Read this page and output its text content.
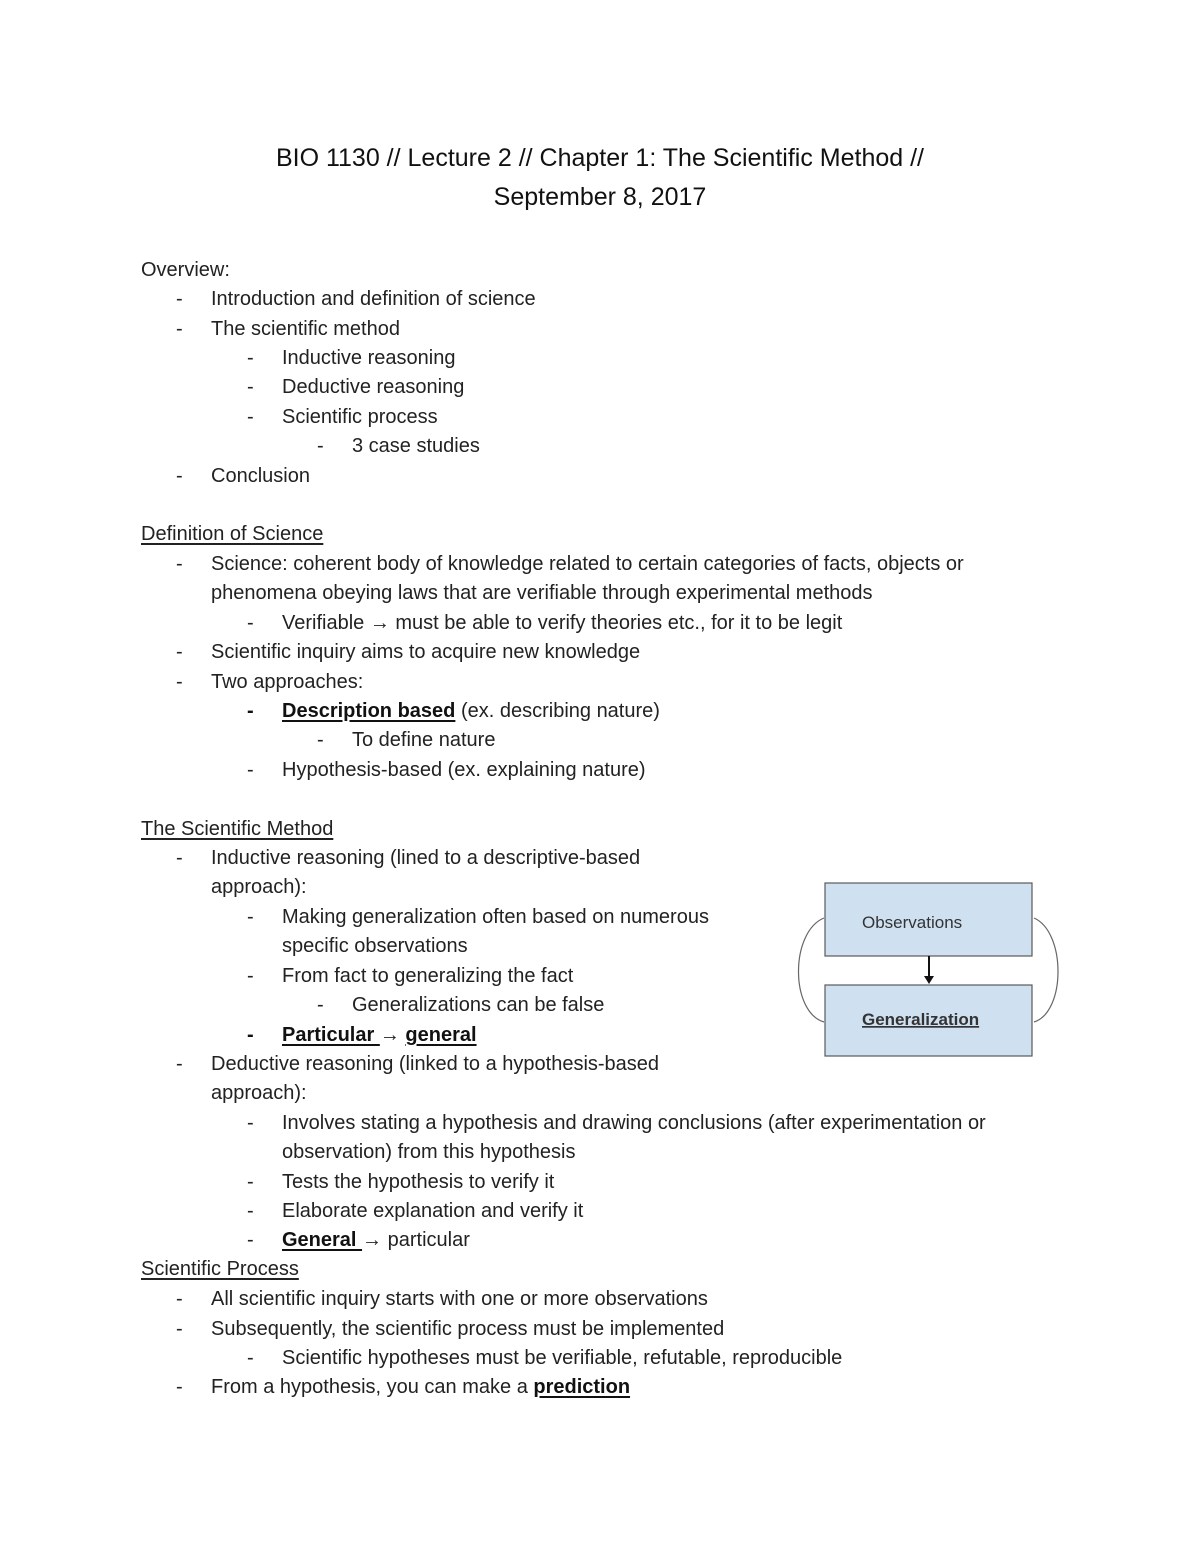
BIO 1130 // Lecture 2 // Chapter 1: The Scientific Method //
September 8, 2017
Overview:
- Introduction and definition of science
- The scientific method
- Inductive reasoning
- Deductive reasoning
- Scientific process
- 3 case studies
- Conclusion
Definition of Science
- Science: coherent body of knowledge related to certain categories of facts, objects or
phenomena obeying laws that are verifiable through experimental methods
- Verifiable → must be able to verify theories etc., for it to be legit
- Scientific inquiry aims to acquire new knowledge
- Two approaches:
- Description based (ex. describing nature)
- To define nature
- Hypothesis-based (ex. explaining nature)
The Scientific Method
- Inductive reasoning (lined to a descriptive-based
approach):
- Making generalization often based on numerous
specific observations
- From fact to generalizing the fact
- Generalizations can be false
- Particular → general
- Deductive reasoning (linked to a hypothesis-based
approach):
- Involves stating a hypothesis and drawing conclusions (after experimentation or
observation) from this hypothesis
- Tests the hypothesis to verify it
- Elaborate explanation and verify it
- General → particular
Scientific Process
- All scientific inquiry starts with one or more observations
- Subsequently, the scientific process must be implemented
- Scientific hypotheses must be verifiable, refutable, reproducible
- From a hypothesis, you can make a prediction
Observations
Generalization
